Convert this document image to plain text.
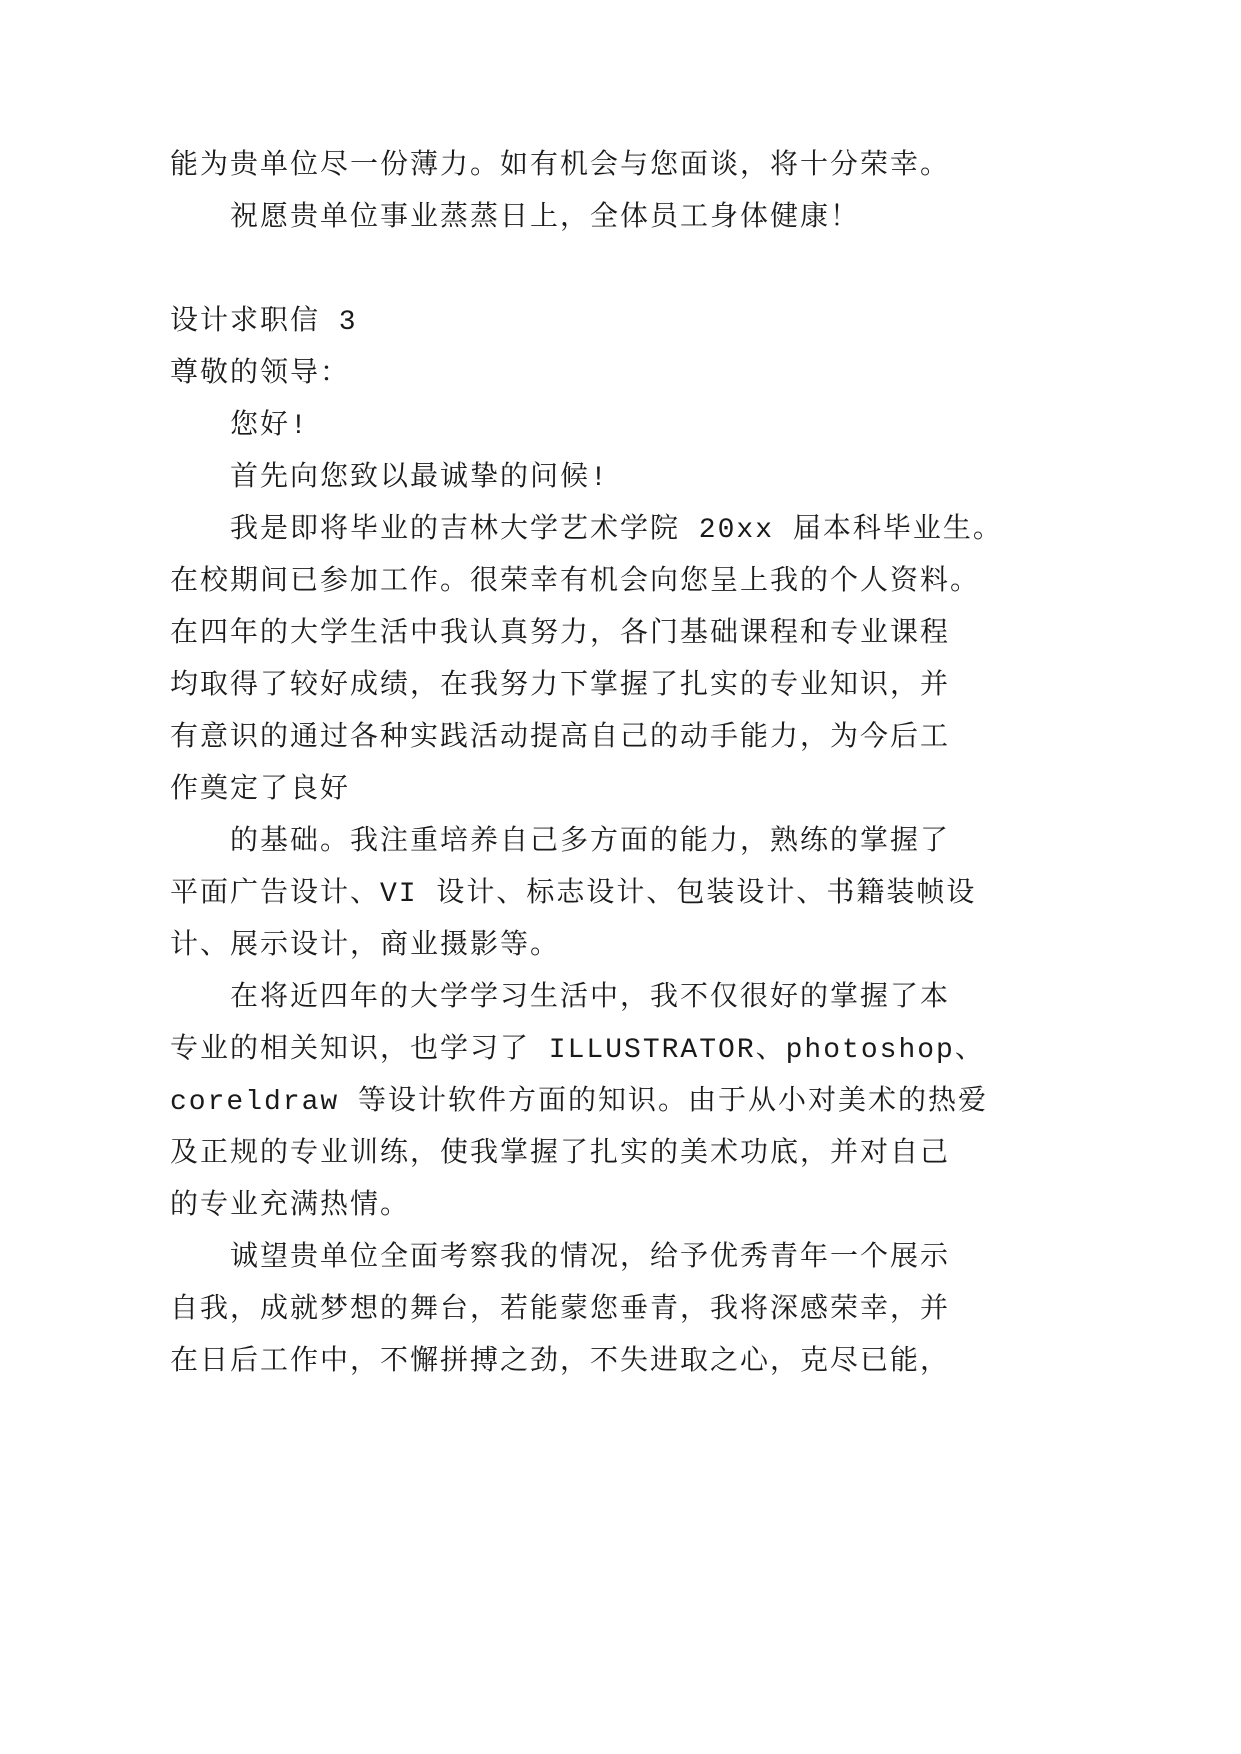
能为贵单位尽一份薄力。如有机会与您面谈，将十分荣幸。
祝愿贵单位事业蒸蒸日上，全体员工身体健康！
设计求职信 3
尊敬的领导：
您好!
首先向您致以最诚挚的问候!
我是即将毕业的吉林大学艺术学院 20xx 届本科毕业生。
在校期间已参加工作。很荣幸有机会向您呈上我的个人资料。
在四年的大学生活中我认真努力，各门基础课程和专业课程
均取得了较好成绩，在我努力下掌握了扎实的专业知识，并
有意识的通过各种实践活动提高自己的动手能力，为今后工
作奠定了良好
的基础。我注重培养自己多方面的能力，熟练的掌握了
平面广告设计、VI 设计、标志设计、包装设计、书籍装帧设
计、展示设计，商业摄影等。
在将近四年的大学学习生活中，我不仅很好的掌握了本
专业的相关知识，也学习了 ILLUSTRATOR、photoshop、
coreldraw 等设计软件方面的知识。由于从小对美术的热爱
及正规的专业训练，使我掌握了扎实的美术功底，并对自己
的专业充满热情。
诚望贵单位全面考察我的情况，给予优秀青年一个展示
自我，成就梦想的舞台，若能蒙您垂青，我将深感荣幸，并
在日后工作中，不懈拼搏之劲，不失进取之心，克尽已能，
